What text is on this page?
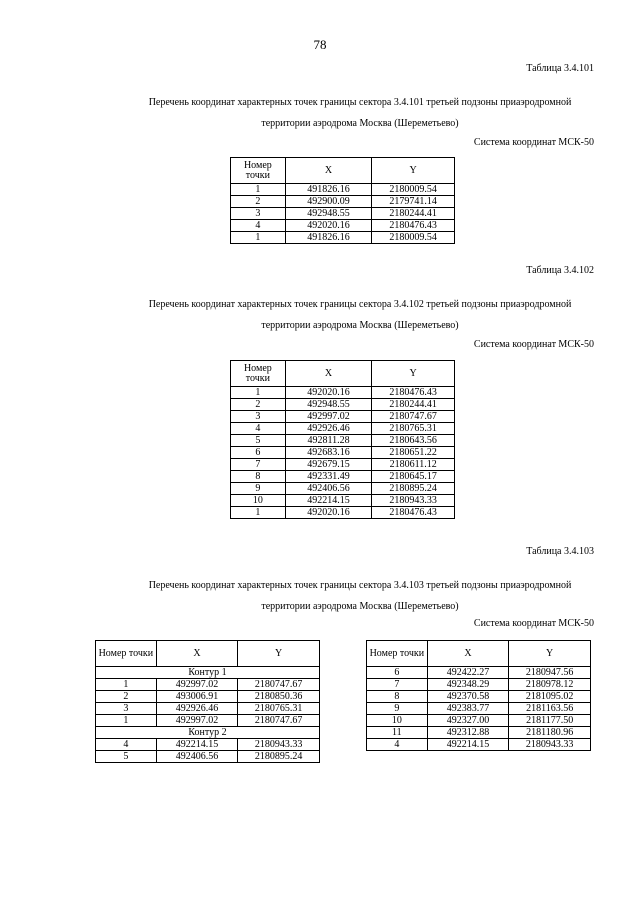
78
Таблица 3.4.101
Перечень координат характерных точек границы сектора 3.4.101 третьей подзоны приаэродромной
территории аэродрома Москва (Шереметьево)
Система координат МСК-50
Номер точки	X	Y
1	491826.16	2180009.54
2	492900.09	2179741.14
3	492948.55	2180244.41
4	492020.16	2180476.43
1	491826.16	2180009.54
Таблица 3.4.102
Перечень координат характерных точек границы сектора 3.4.102 третьей подзоны приаэродромной
территории аэродрома Москва (Шереметьево)
Система координат МСК-50
Номер точки	X	Y
1	492020.16	2180476.43
2	492948.55	2180244.41
3	492997.02	2180747.67
4	492926.46	2180765.31
5	492811.28	2180643.56
6	492683.16	2180651.22
7	492679.15	2180611.12
8	492331.49	2180645.17
9	492406.56	2180895.24
10	492214.15	2180943.33
1	492020.16	2180476.43
Таблица 3.4.103
Перечень координат характерных точек границы сектора 3.4.103 третьей подзоны приаэродромной
территории аэродрома Москва (Шереметьево)
Система координат МСК-50
Номер точки	X	Y
Контур 1		
1	492997.02	2180747.67
2	493006.91	2180850.36
3	492926.46	2180765.31
1	492997.02	2180747.67
Контур 2		
4	492214.15	2180943.33
5	492406.56	2180895.24
Номер точки	X	Y
6	492422.27	2180947.56
7	492348.29	2180978.12
8	492370.58	2181095.02
9	492383.77	2181163.56
10	492327.00	2181177.50
11	492312.88	2181180.96
4	492214.15	2180943.33
